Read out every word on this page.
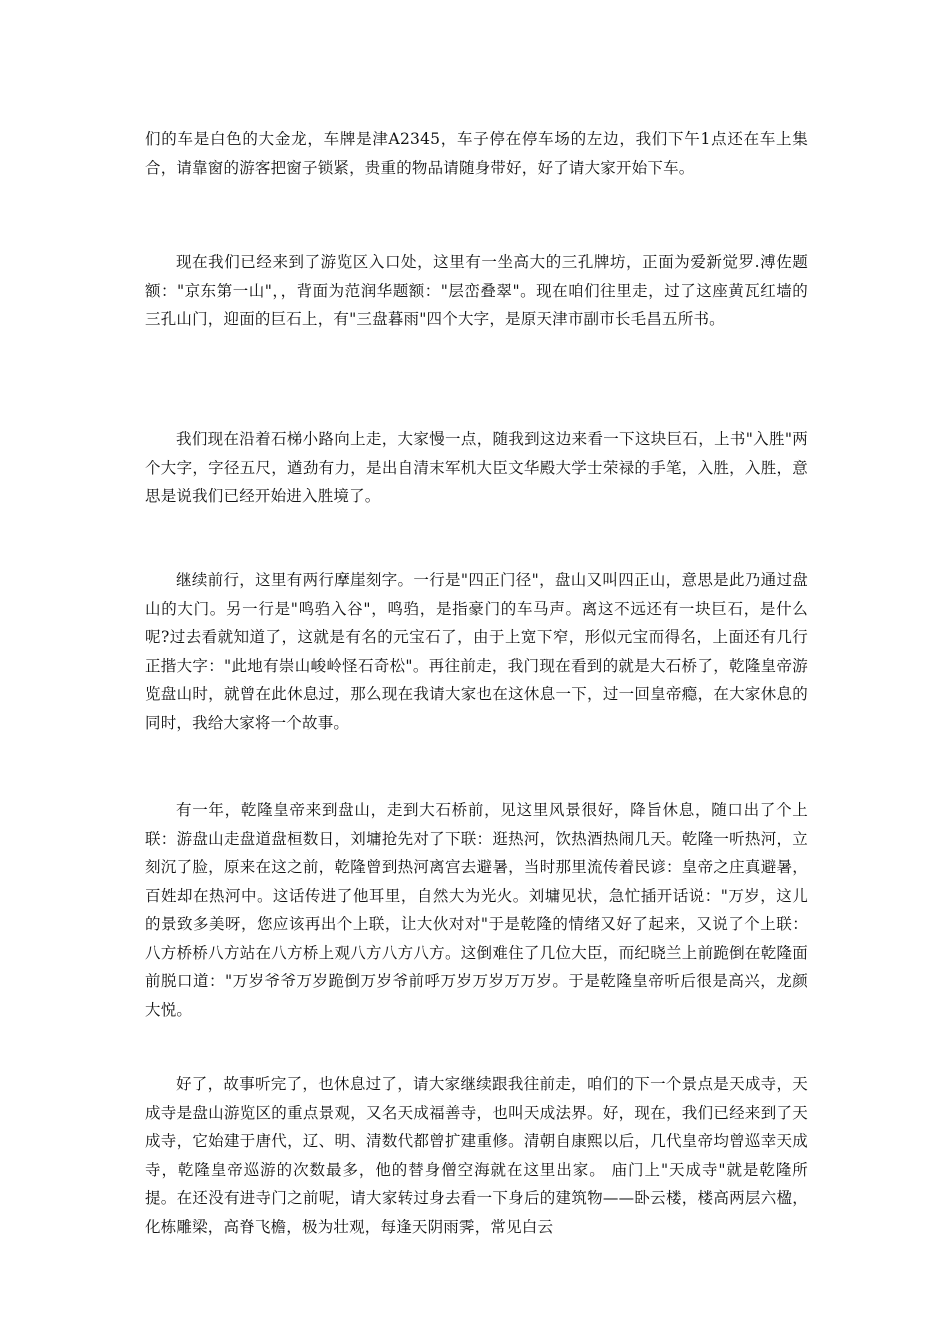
们的车是白色的大金龙，车牌是津A2345，车子停在停车场的左边，我们下午1点还在车上集合，请靠窗的游客把窗子锁紧，贵重的物品请随身带好，好了请大家开始下车。

现在我们已经来到了游览区入口处，这里有一坐高大的三孔牌坊，正面为爱新觉罗.溥佐题额："京东第一山"，，背面为范润华题额："层峦叠翠"。现在咱们往里走，过了这座黄瓦红墙的三孔山门，迎面的巨石上，有"三盘暮雨"四个大字，是原天津市副市长毛昌五所书。

我们现在沿着石梯小路向上走，大家慢一点，随我到这边来看一下这块巨石，上书"入胜"两个大字，字径五尺，遒劲有力，是出自清末军机大臣文华殿大学士荣禄的手笔，入胜，入胜，意思是说我们已经开始进入胜境了。

继续前行，这里有两行摩崖刻字。一行是"四正门径"，盘山又叫四正山，意思是此乃通过盘山的大门。另一行是"鸣驺入谷"，鸣驺，是指豪门的车马声。离这不远还有一块巨石，是什么呢?过去看就知道了，这就是有名的元宝石了，由于上宽下窄，形似元宝而得名，上面还有几行正揩大字："此地有崇山峻岭怪石奇松"。再往前走，我门现在看到的就是大石桥了，乾隆皇帝游览盘山时，就曾在此休息过，那么现在我请大家也在这休息一下，过一回皇帝瘾，在大家休息的同时，我给大家将一个故事。

有一年，乾隆皇帝来到盘山，走到大石桥前，见这里风景很好，降旨休息，随口出了个上联：游盘山走盘道盘桓数日，刘墉抢先对了下联：逛热河，饮热酒热闹几天。乾隆一听热河，立刻沉了脸，原来在这之前，乾隆曾到热河离宫去避暑，当时那里流传着民谚：皇帝之庄真避暑，百姓却在热河中。这话传进了他耳里，自然大为光火。刘墉见状，急忙插开话说："万岁，这儿的景致多美呀，您应该再出个上联，让大伙对对"于是乾隆的情绪又好了起来，又说了个上联：八方桥桥八方站在八方桥上观八方八方八方。这倒难住了几位大臣，而纪晓兰上前跪倒在乾隆面前脱口道："万岁爷爷万岁跪倒万岁爷前呼万岁万岁万万岁。于是乾隆皇帝听后很是高兴，龙颜大悦。

好了，故事听完了，也休息过了，请大家继续跟我往前走，咱们的下一个景点是天成寺，天成寺是盘山游览区的重点景观，又名天成福善寺，也叫天成法界。好，现在，我们已经来到了天成寺，它始建于唐代，辽、明、清数代都曾扩建重修。清朝自康熙以后，几代皇帝均曾巡幸天成寺，乾隆皇帝巡游的次数最多，他的替身僧空海就在这里出家。 庙门上"天成寺"就是乾隆所提。在还没有进寺门之前呢，请大家转过身去看一下身后的建筑物——卧云楼，楼高两层六楹，化栋雕梁，高脊飞檐，极为壮观，每逢天阴雨霁，常见白云
